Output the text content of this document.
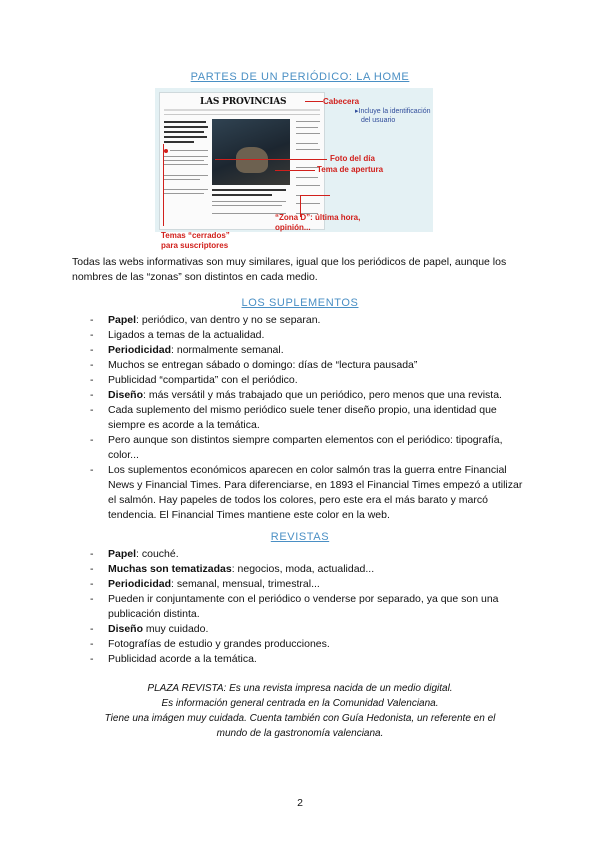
PARTES DE UN PERIÓDICO: LA HOME
LAS PROVINCIAS	Cabecera
▸Incluye la identificación
del usuario
Foto del día
Tema de apertura
“Zona D”: última hora,
opinión...
Temas “cerrados”
para suscriptores
Todas las webs informativas son muy similares, igual que los periódicos de papel, aunque los nombres de las “zonas” son distintos en cada medio.
LOS SUPLEMENTOS
- Papel: periódico, van dentro y no se separan.
- Ligados a temas de la actualidad.
- Periodicidad: normalmente semanal.
- Muchos se entregan sábado o domingo: días de “lectura pausada”
- Publicidad “compartida” con el periódico.
- Diseño: más versátil y más trabajado que un periódico, pero menos que una revista.
- Cada suplemento del mismo periódico suele tener diseño propio, una identidad que siempre es acorde a la temática.
- Pero aunque son distintos siempre comparten elementos con el periódico: tipografía, color...
- Los suplementos económicos aparecen en color salmón tras la guerra entre Financial News y Financial Times. Para diferenciarse, en 1893 el Financial Times empezó a utilizar el salmón. Hay papeles de todos los colores, pero este era el más barato y marcó tendencia. El Financial Times mantiene este color en la web.
REVISTAS
- Papel: couché.
- Muchas son tematizadas: negocios, moda, actualidad...
- Periodicidad: semanal, mensual, trimestral...
- Pueden ir conjuntamente con el periódico o venderse por separado, ya que son una publicación distinta.
- Diseño muy cuidado.
- Fotografías de estudio y grandes producciones.
- Publicidad acorde a la temática.
PLAZA REVISTA: Es una revista impresa nacida de un medio digital.
Es información general centrada en la Comunidad Valenciana.
Tiene una imágen muy cuidada. Cuenta también con Guía Hedonista, un referente en el
mundo de la gastronomía valenciana.
2
